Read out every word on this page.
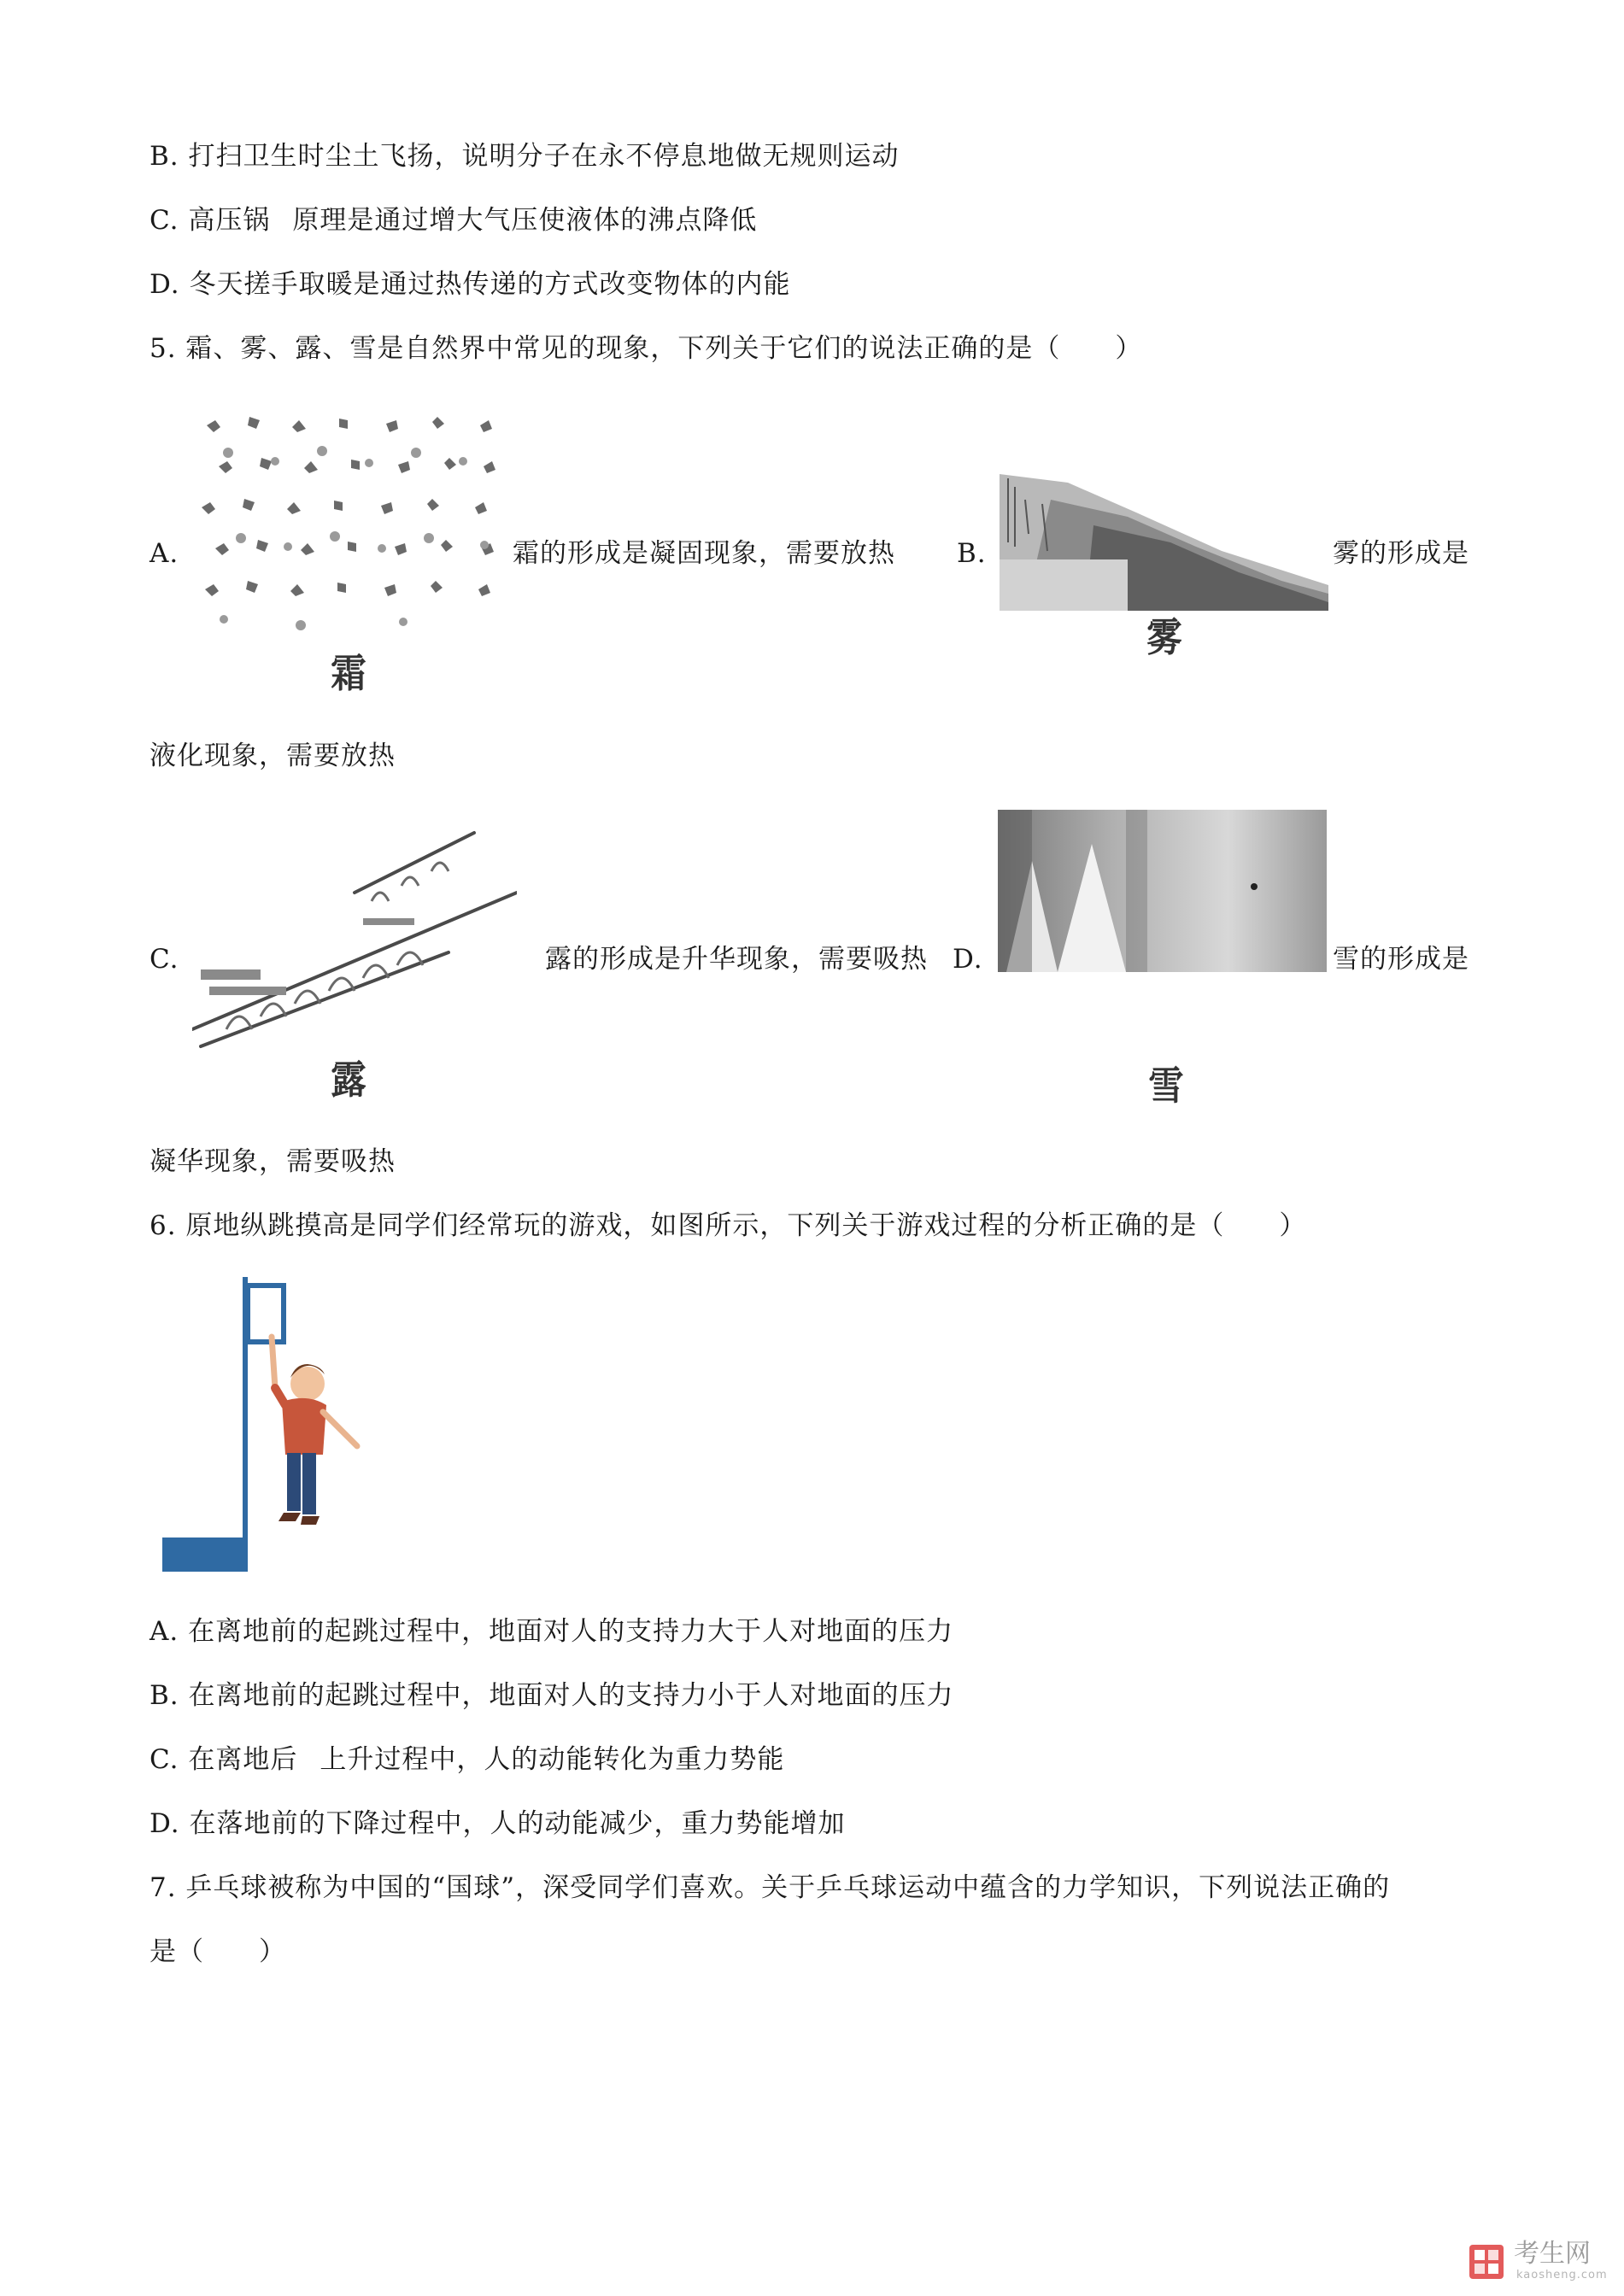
B. 打扫卫生时尘土飞扬，说明分子在永不停息地做无规则运动
C. 高压锅 原理是通过增大气压使液体的沸点降低
D. 冬天搓手取暖是通过热传递的方式改变物体的内能
5. 霜、雾、露、雪是自然界中常见的现象，下列关于它们的说法正确的是（　　）
A.
霜
霜的形成是凝固现象，需要放热 B.
雾
雾的形成是
液化现象，需要放热
C.
露
露的形成是升华现象，需要吸热 D.
雪
雪的形成是
凝华现象，需要吸热
6. 原地纵跳摸高是同学们经常玩的游戏，如图所示，下列关于游戏过程的分析正确的是（　　）
A. 在离地前的起跳过程中，地面对人的支持力大于人对地面的压力
B. 在离地前的起跳过程中，地面对人的支持力小于人对地面的压力
C. 在离地后 上升过程中，人的动能转化为重力势能
D. 在落地前的下降过程中，人的动能减少，重力势能增加
7. 乒乓球被称为中国的“国球”，深受同学们喜欢。关于乒乓球运动中蕴含的力学知识，下列说法正确的
是（　　）
考生网
kaosheng.com
